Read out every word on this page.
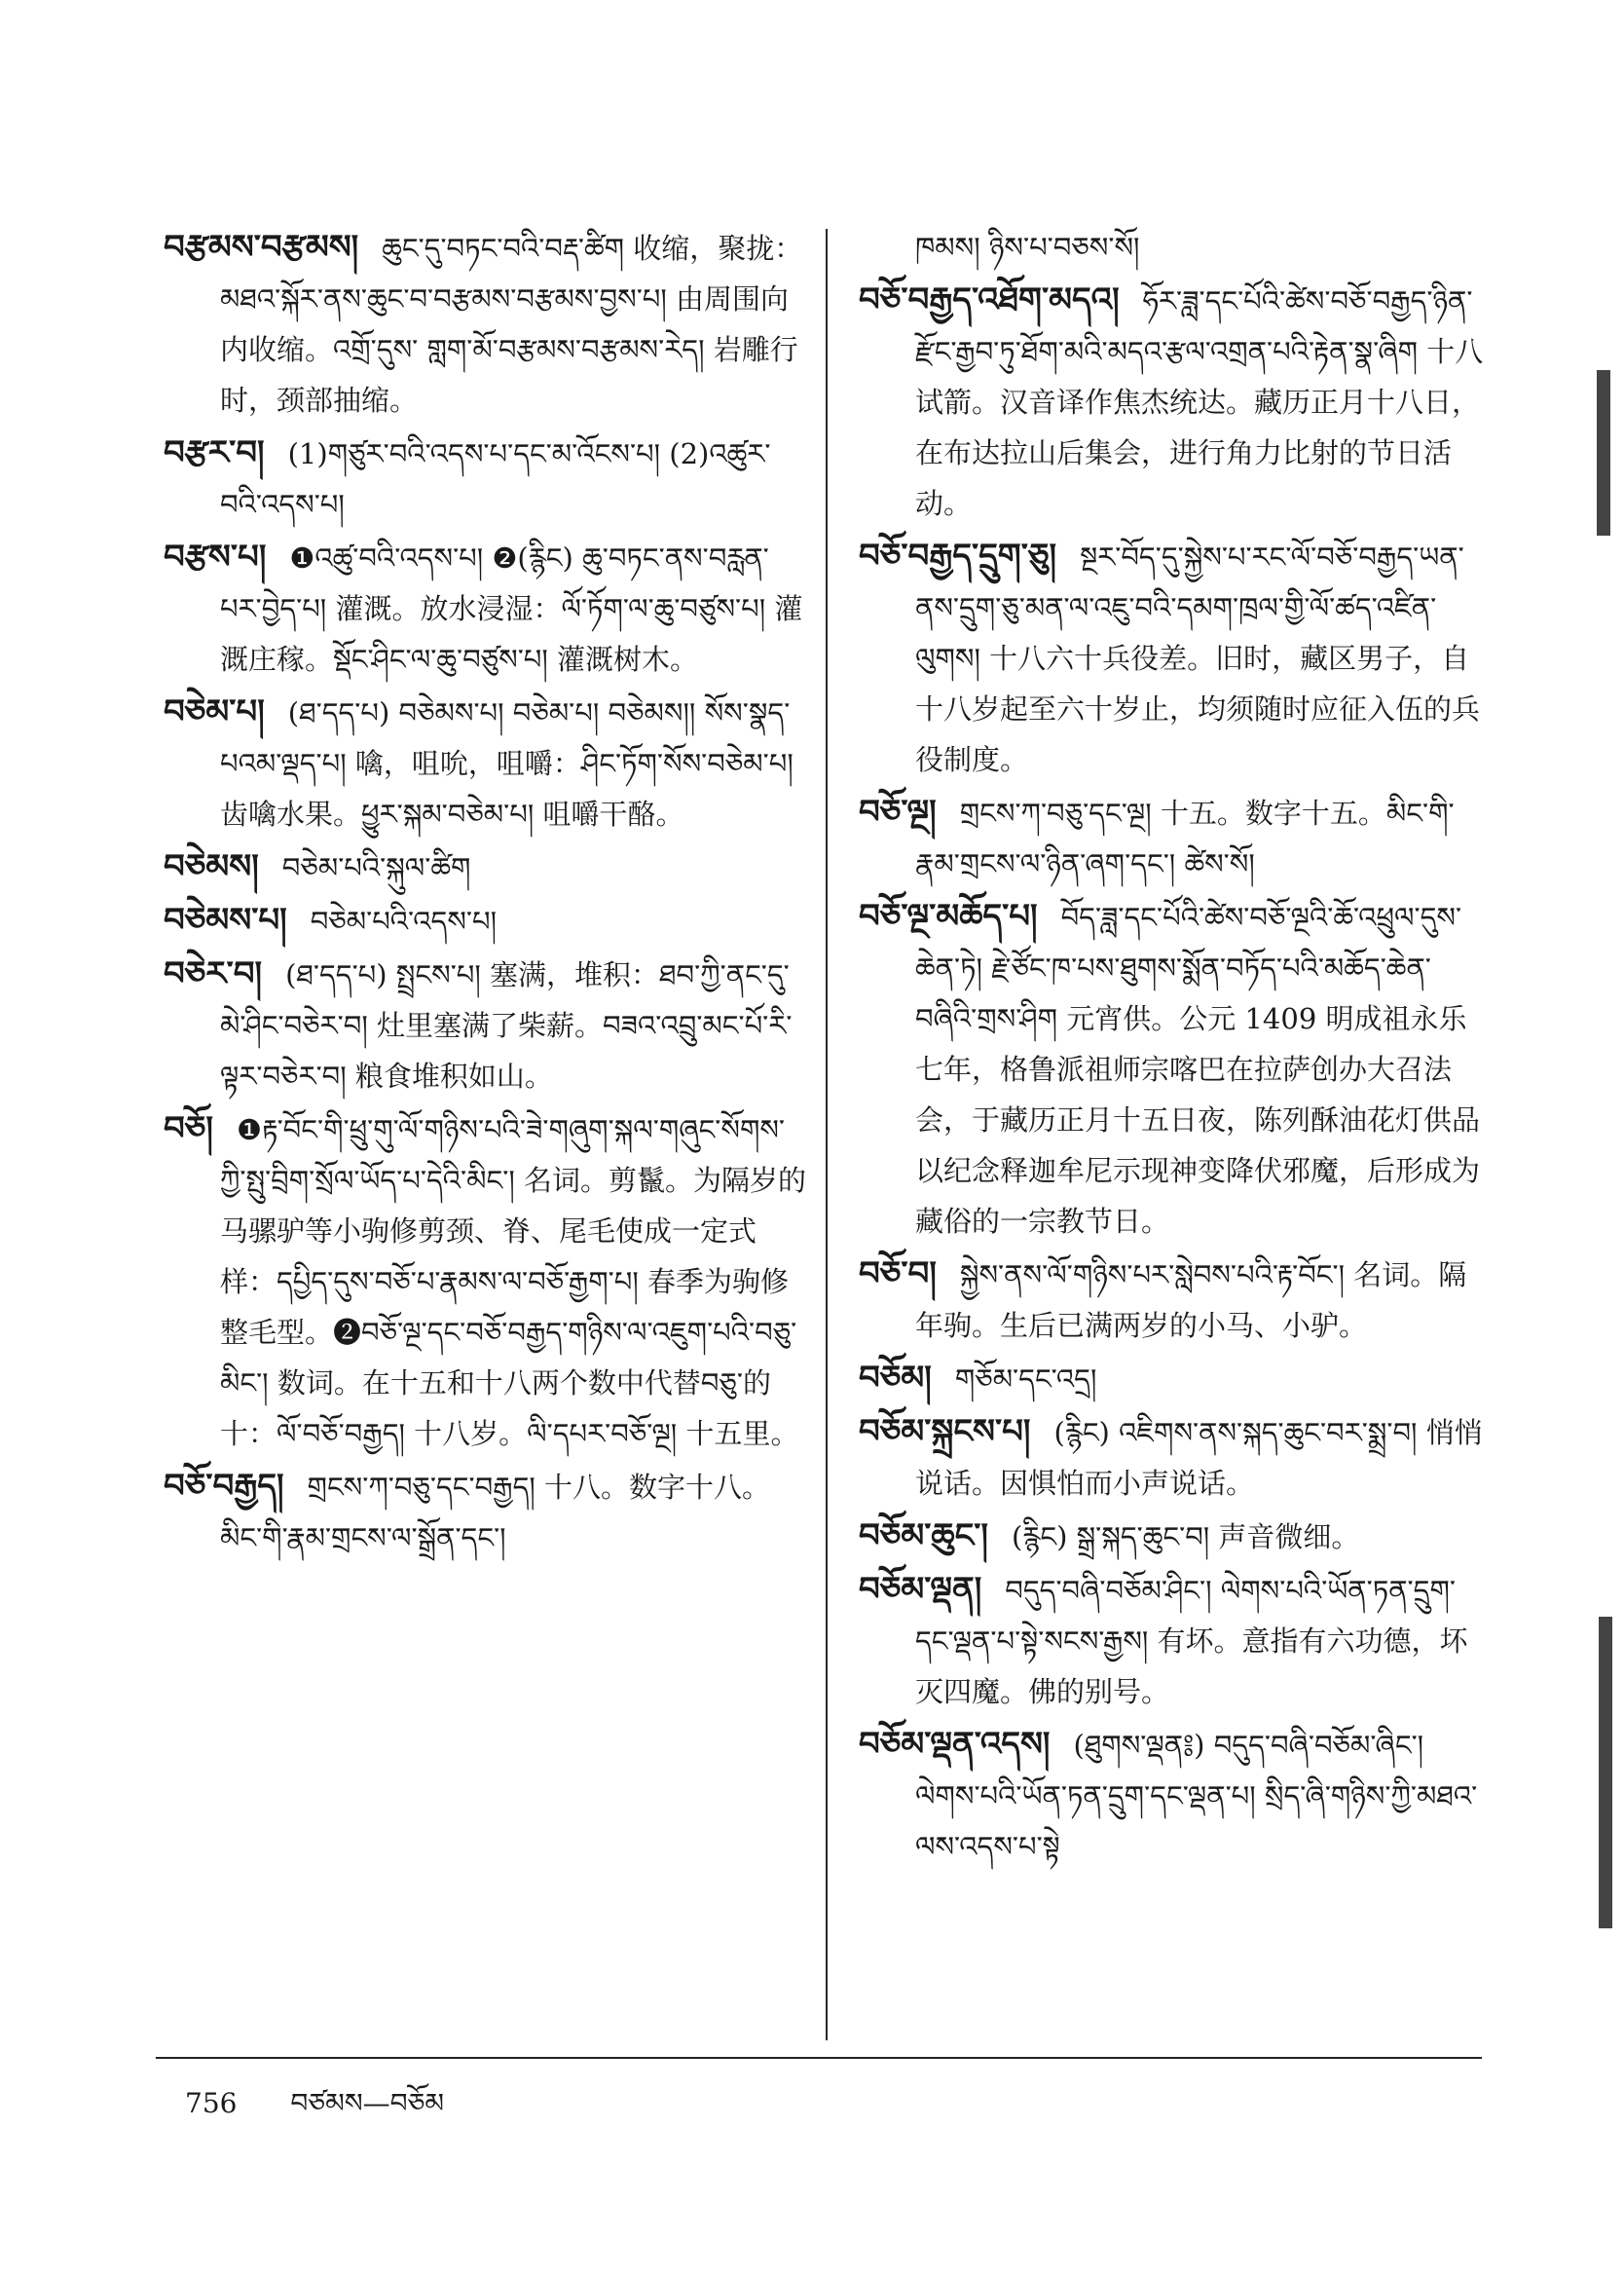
བརྩམས་བརྩམས། ཆུང་དུ་བཏང་བའི་བརྡ་ཚིག 收缩，聚拢：མཐའ་སྐོར་ནས་ཆུང་བ་བརྩམས་བརྩམས་བྱས་པ། 由周围向内收缩。འགྲོ་དུས་ གླག་མོ་བརྩམས་བརྩམས་རེད། 岩雕行时，颈部抽缩。

བརྩར་བ། (1)གཙུར་བའི་འདས་པ་དང་མ་འོངས་པ། (2)འཚུར་བའི་འདས་པ།

བརྩས་པ། ❶འཚུ་བའི་འདས་པ། ❷(རྙིང) ཆུ་བཏང་ནས་བརླན་པར་བྱེད་པ། 灌溉。放水浸湿：ལོ་ཏོག་ལ་ཆུ་བཙུས་པ། 灌溉庄稼。སྡོང་ཤིང་ལ་ཆུ་བཙུས་པ། 灌溉树木。

བཅེམ་པ། (ཐ་དད་པ) བཅེམས་པ། བཅེམ་པ། བཅེམས།། སོས་སྣད་པའམ་ལྡད་པ། 噙，咀吮，咀嚼：ཤིང་ཏོག་སོས་བཅེམ་པ། 齿噙水果。ཕྱུར་སྐམ་བཅེམ་པ། 咀嚼干酪。

བཅེམས། བཅེམ་པའི་སྐུལ་ཚིག

བཅེམས་པ། བཅེམ་པའི་འདས་པ།

བཅེར་བ། (ཐ་དད་པ) སྤྲངས་པ། 塞满，堆积：ཐབ་ཀྱི་ནང་དུ་མེ་ཤིང་བཅེར་བ། 灶里塞满了柴薪。བཟའ་འབྲུ་མང་པོ་རི་ལྟར་བཅེར་བ། 粮食堆积如山。

བཅོ། ❶རྟ་བོང་གི་ཕྲུ་གུ་ལོ་གཉིས་པའི་ཟེ་གཞུག་སྐལ་གཞུང་སོགས་ཀྱི་སྤུ་བྲིག་སྲོལ་ཡོད་པ་དེའི་མིང་། 名词。剪鬣。为隔岁的马骡驴等小驹修剪颈、脊、尾毛使成一定式样：དཔྱིད་དུས་བཅོ་པ་རྣམས་ལ་བཅོ་རྒྱག་པ། 春季为驹修整毛型。❷བཅོ་ལྔ་དང་བཅོ་བརྒྱད་གཉིས་ལ་འཇུག་པའི་བཅུ་མིང་། 数词。在十五和十八两个数中代替བཅུ་的十：ལོ་བཅོ་བརྒྱད། 十八岁。ལི་དཔར་བཅོ་ལྔ། 十五里。

བཅོ་བརྒྱད། གྲངས་ཀ་བཅུ་དང་བརྒྱད། 十八。数字十八。མིང་གི་རྣམ་གྲངས་ལ་སྒྲོན་དང་།

ཁམས། ཉིས་པ་བཅས་སོ།

བཅོ་བརྒྱད་འཐོག་མདའ། ཧོར་ཟླ་དང་པོའི་ཚེས་བཅོ་བརྒྱད་ཉིན་རྫོང་རྒྱབ་ཏུ་ཐོག་མའི་མདའ་རྩལ་འགྲན་པའི་རྟེན་སྣ་ཞིག 十八试箭。汉音译作焦杰统达。藏历正月十八日，在布达拉山后集会，进行角力比射的节日活动。

བཅོ་བརྒྱད་དྲུག་ཅུ། སྔར་བོད་དུ་སྐྱེས་པ་རང་ལོ་བཅོ་བརྒྱད་ཡན་ནས་དྲུག་ཅུ་མན་ལ་འཇུ་བའི་དམག་ཁྲལ་གྱི་ལོ་ཚད་འཛིན་ལུགས། 十八六十兵役差。旧时，藏区男子，自十八岁起至六十岁止，均须随时应征入伍的兵役制度。

བཅོ་ལྔ། གྲངས་ཀ་བཅུ་དང་ལྔ། 十五。数字十五。མིང་གི་རྣམ་གྲངས་ལ་ཉིན་ཞག་དང་། ཚེས་སོ།

བཅོ་ལྔ་མཆོད་པ། བོད་ཟླ་དང་པོའི་ཚེས་བཅོ་ལྔའི་ཆོ་འཕྲུལ་དུས་ཆེན་ཏེ། རྗེ་ཙོང་ཁ་པས་ཐུགས་སྨོན་བཏོད་པའི་མཆོད་ཆེན་བཞིའི་གྲས་ཤིག 元宵供。公元 1409 明成祖永乐七年，格鲁派祖师宗喀巴在拉萨创办大召法会，于藏历正月十五日夜，陈列酥油花灯供品以纪念释迦牟尼示现神变降伏邪魔，后形成为藏俗的一宗教节日。

བཅོ་བ། སྐྱེས་ནས་ལོ་གཉིས་པར་སླེབས་པའི་རྟ་བོང་། 名词。隔年驹。生后已满两岁的小马、小驴。

བཅོམ། གཅོམ་དང་འདྲ།

བཅོམ་སྐྲངས་པ། (རྙིང) འཇིགས་ནས་སྐད་ཆུང་བར་སྨྲ་བ། 悄悄说话。因惧怕而小声说话。

བཅོམ་ཆུང་། (རྙིང) སྒྲ་སྐད་ཆུང་བ། 声音微细。

བཅོམ་ལྡན། བདུད་བཞི་བཅོམ་ཤིང་། ལེགས་པའི་ཡོན་ཏན་དྲུག་དང་ལྡན་པ་སྟེ་སངས་རྒྱས། 有坏。意指有六功德，坏灭四魔。佛的别号。

བཅོམ་ལྡན་འདས། (ཐུགས་ལྡན༔) བདུད་བཞི་བཅོམ་ཞིང་། ལེགས་པའི་ཡོན་ཏན་དྲུག་དང་ལྡན་པ། སྲིད་ཞི་གཉིས་ཀྱི་མཐའ་ལས་འདས་པ་སྟེ

756 བཙམས—བཅོམ
